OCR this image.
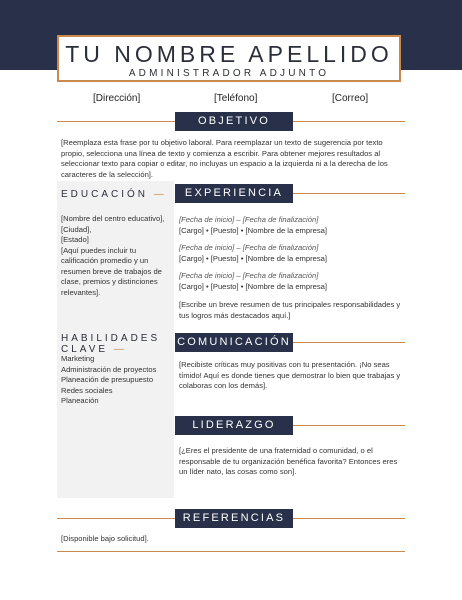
TU NOMBRE APELLIDO
ADMINISTRADOR ADJUNTO
[Dirección]	[Teléfono]	[Correo]
OBJETIVO
[Reemplaza esta frase por tu objetivo laboral. Para reemplazar un texto de sugerencia por texto propio, selecciona una línea de texto y comienza a escribir. Para obtener mejores resultados al seleccionar texto para copiar o editar, no incluyas un espacio a la izquierda ni a la derecha de los caracteres de la selección].
EDUCACIÓN —
[Nombre del centro educativo],
[Ciudad],
[Estado]
[Aquí puedes incluir tu calificación promedio y un resumen breve de trabajos de clase, premios y distinciones relevantes].
HABILIDADES
CLAVE —
Marketing
Administración de proyectos
Planeación de presupuesto
Redes sociales
Planeación
EXPERIENCIA
[Fecha de inicio] – [Fecha de finalización]
[Cargo] • [Puesto] • [Nombre de la empresa]
[Fecha de inicio] – [Fecha de finalización]
[Cargo] • [Puesto] • [Nombre de la empresa]
[Fecha de inicio] – [Fecha de finalización]
[Cargo] • [Puesto] • [Nombre de la empresa]
[Escribe un breve resumen de tus principales responsabilidades y tus logros más destacados aquí.]
COMUNICACIÓN
[Recibiste críticas muy positivas con tu presentación. ¡No seas tímido! Aquí es donde tienes que demostrar lo bien que trabajas y colaboras con los demás].
LIDERAZGO
[¿Eres el presidente de una fraternidad o comunidad, o el responsable de tu organización benéfica favorita? Entonces eres un líder nato, las cosas como son].
REFERENCIAS
[Disponible bajo solicitud].
